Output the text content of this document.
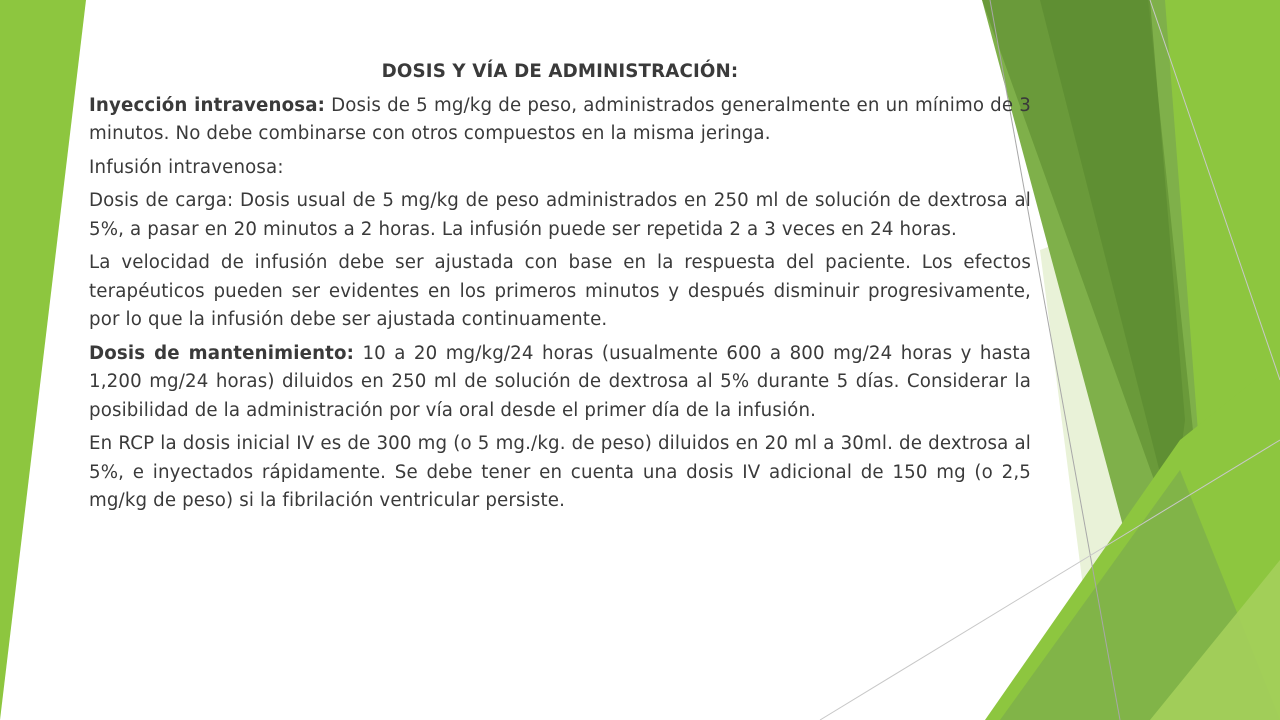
DOSIS Y VÍA DE ADMINISTRACIÓN:
Inyección intravenosa: Dosis de 5 mg/kg de peso, administrados generalmente en un mínimo de 3 minutos. No debe combinarse con otros compuestos en la misma jeringa.
Infusión intravenosa:
Dosis de carga: Dosis usual de 5 mg/kg de peso administrados en 250 ml de solución de dextrosa al 5%, a pasar en 20 minutos a 2 horas. La infusión puede ser repetida 2 a 3 veces en 24 horas.
La velocidad de infusión debe ser ajustada con base en la respuesta del paciente. Los efectos terapéuticos pueden ser evidentes en los primeros minutos y después disminuir progresivamente, por lo que la infusión debe ser ajustada continuamente.
Dosis de mantenimiento: 10 a 20 mg/kg/24 horas (usualmente 600 a 800 mg/24 horas y hasta 1,200 mg/24 horas) diluidos en 250 ml de solución de dextrosa al 5% durante 5 días. Considerar la posibilidad de la administración por vía oral desde el primer día de la infusión.
En RCP la dosis inicial IV es de 300 mg (o 5 mg./kg. de peso) diluidos en 20 ml a 30ml. de dextrosa al 5%, e inyectados rápidamente. Se debe tener en cuenta una dosis IV adicional de 150 mg (o 2,5 mg/kg de peso) si la fibrilación ventricular persiste.
